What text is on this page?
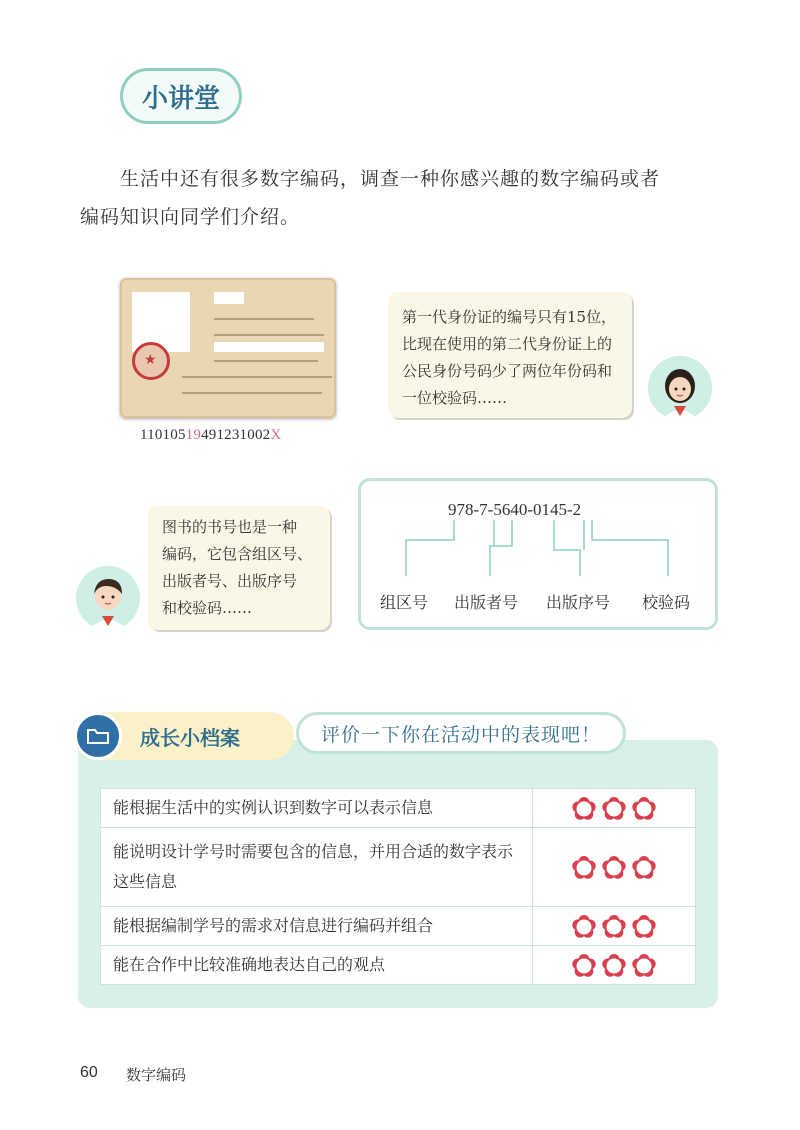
小讲堂
生活中还有很多数字编码，调查一种你感兴趣的数字编码或者
编码知识向同学们介绍。
★
11010519491231002X
第一代身份证的编号只有15位，
比现在使用的第二代身份证上的
公民身份号码少了两位年份码和
一位校验码……
图书的书号也是一种
编码，它包含组区号、
出版者号、出版序号
和校验码……
978-7-5640-0145-2
组区号 出版者号 出版序号 校验码
成长小档案	评价一下你在活动中的表现吧！
能根据生活中的实例认识到数字可以表示信息	
能说明设计学号时需要包含的信息，并用合适的数字表示这些信息	
能根据编制学号的需求对信息进行编码并组合	
能在合作中比较准确地表达自己的观点	
60 数字编码
